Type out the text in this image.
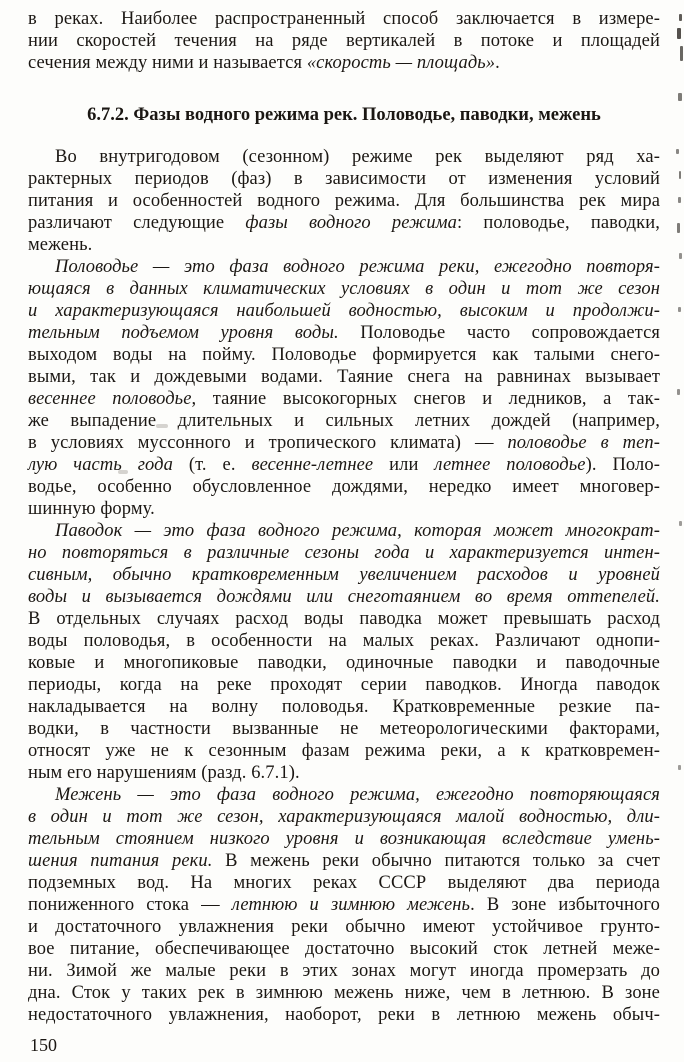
в реках. Наиболее распространенный способ заключается в измере-
нии скоростей течения на ряде вертикалей в потоке и площадей
сечения между ними и называется «скорость — площадь».
6.7.2. Фазы водного режима рек. Половодье, паводки, межень
Во внутригодовом (сезонном) режиме рек выделяют ряд ха-
рактерных периодов (фаз) в зависимости от изменения условий
питания и особенностей водного режима. Для большинства рек мира
различают следующие фазы водного режима: половодье, паводки,
межень.
Половодье — это фаза водного режима реки, ежегодно повторя-
ющаяся в данных климатических условиях в один и тот же сезон
и характеризующаяся наибольшей водностью, высоким и продолжи-
тельным подъемом уровня воды. Половодье часто сопровождается
выходом воды на пойму. Половодье формируется как талыми снего-
выми, так и дождевыми водами. Таяние снега на равнинах вызывает
весеннее половодье, таяние высокогорных снегов и ледников, а так-
же выпадение длительных и сильных летних дождей (например,
в условиях муссонного и тропического климата) — половодье в теп-
лую часть года (т. е. весенне-летнее или летнее половодье). Поло-
водье, особенно обусловленное дождями, нередко имеет многовер-
шинную форму.
Паводок — это фаза водного режима, которая может многократ-
но повторяться в различные сезоны года и характеризуется интен-
сивным, обычно кратковременным увеличением расходов и уровней
воды и вызывается дождями или снеготаянием во время оттепелей.
В отдельных случаях расход воды паводка может превышать расход
воды половодья, в особенности на малых реках. Различают однопи-
ковые и многопиковые паводки, одиночные паводки и паводочные
периоды, когда на реке проходят серии паводков. Иногда паводок
накладывается на волну половодья. Кратковременные резкие па-
водки, в частности вызванные не метеорологическими факторами,
относят уже не к сезонным фазам режима реки, а к кратковремен-
ным его нарушениям (разд. 6.7.1).
Межень — это фаза водного режима, ежегодно повторяющаяся
в один и тот же сезон, характеризующаяся малой водностью, дли-
тельным стоянием низкого уровня и возникающая вследствие умень-
шения питания реки. В межень реки обычно питаются только за счет
подземных вод. На многих реках СССР выделяют два периода
пониженного стока — летнюю и зимнюю межень. В зоне избыточного
и достаточного увлажнения реки обычно имеют устойчивое грунто-
вое питание, обеспечивающее достаточно высокий сток летней меже-
ни. Зимой же малые реки в этих зонах могут иногда промерзать до
дна. Сток у таких рек в зимнюю межень ниже, чем в летнюю. В зоне
недостаточного увлажнения, наоборот, реки в летнюю межень обыч-
150
